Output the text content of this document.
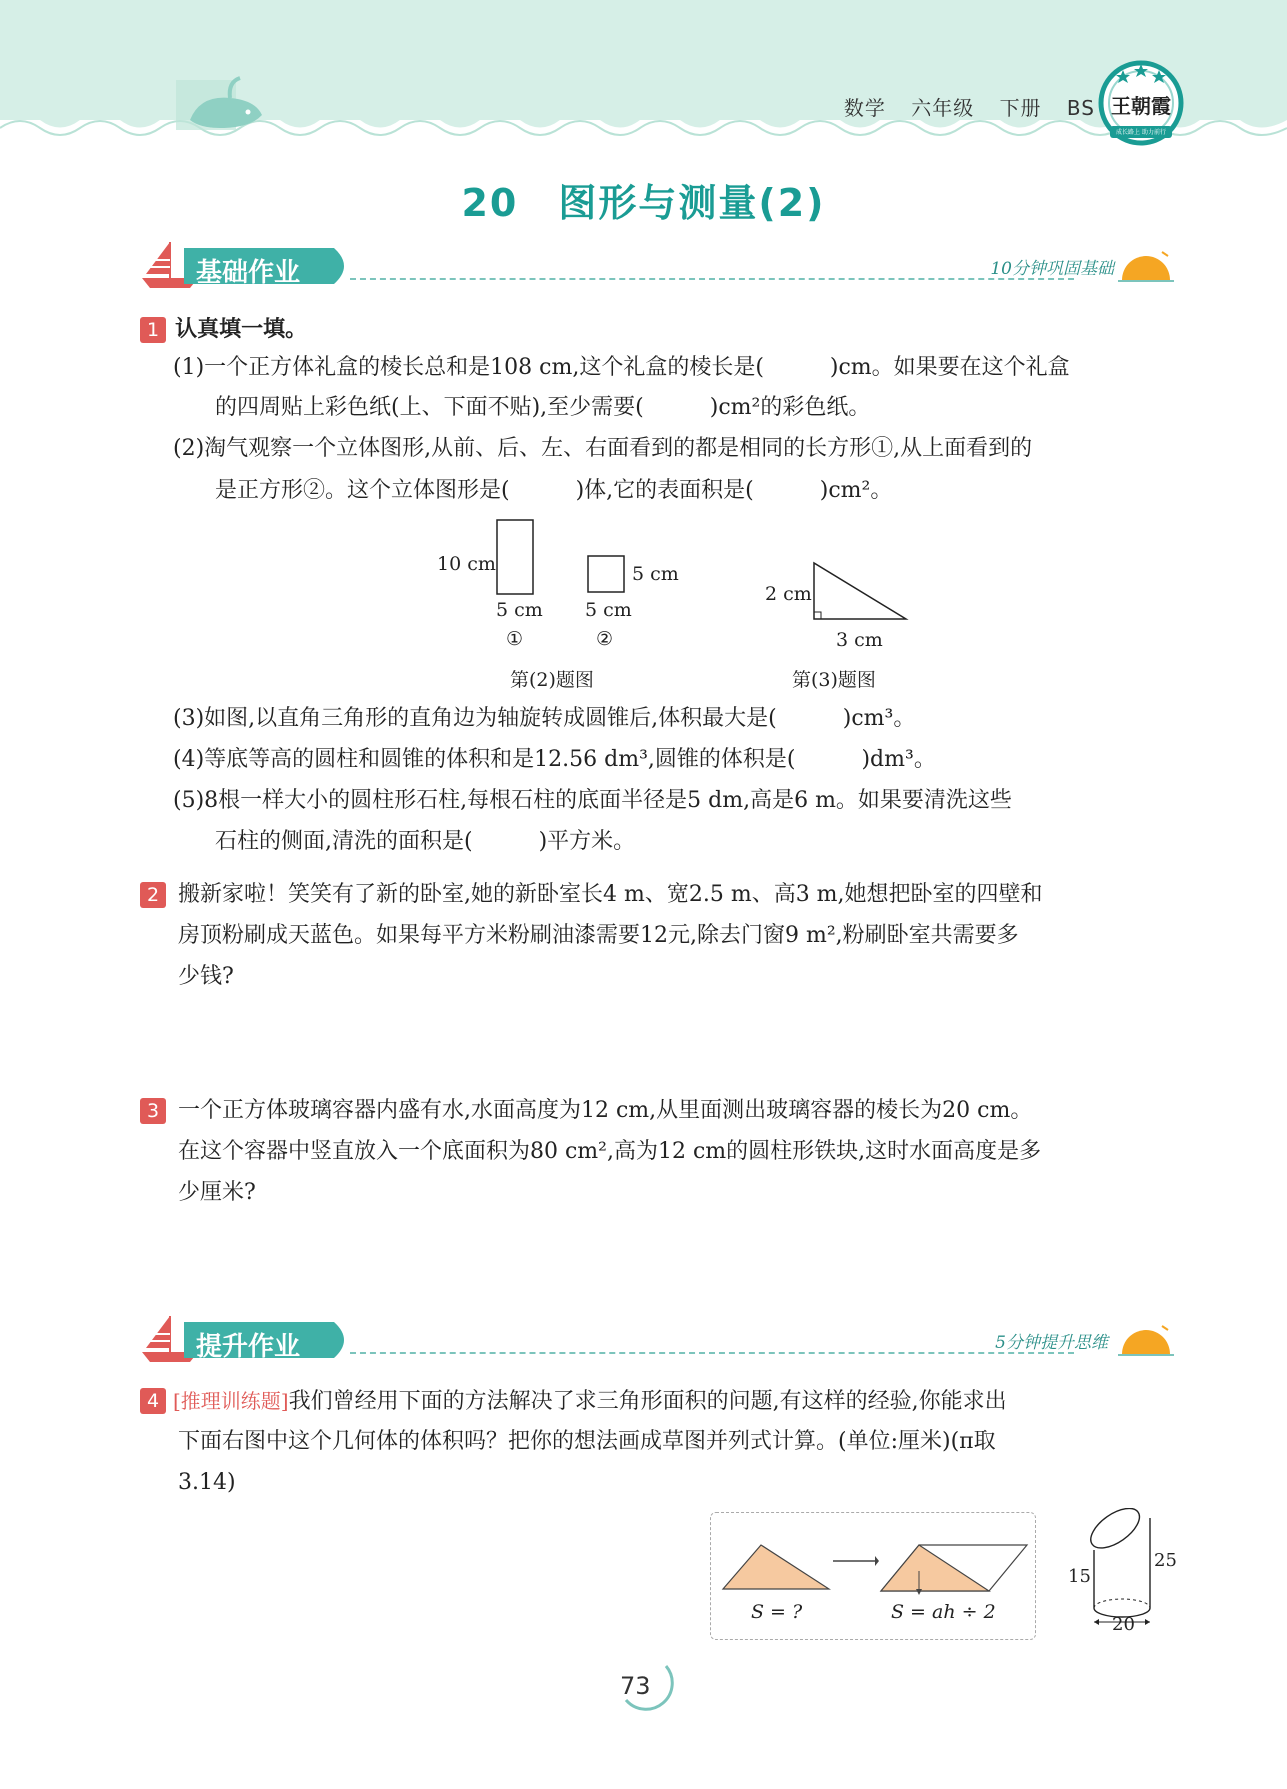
数学 六年级 下册 BS 王朝霞
成长路上 助力前行
20　图形与测量(2)
基础作业	10分钟巩固基础
1 认真填一填。
(1)一个正方体礼盒的棱长总和是108 cm,这个礼盒的棱长是(　　　)cm。如果要在这个礼盒
的四周贴上彩色纸(上、下面不贴),至少需要(　　　)cm²的彩色纸。
(2)淘气观察一个立体图形,从前、后、左、右面看到的都是相同的长方形①,从上面看到的
是正方形②。这个立体图形是(　　　)体,它的表面积是(　　　)cm²。
10 cm
5 cm
①
5 cm
5 cm
②
第(2)题图
2 cm
3 cm
第(3)题图
(3)如图,以直角三角形的直角边为轴旋转成圆锥后,体积最大是(　　　)cm³。
(4)等底等高的圆柱和圆锥的体积和是12.56 dm³,圆锥的体积是(　　　)dm³。
(5)8根一样大小的圆柱形石柱,每根石柱的底面半径是5 dm,高是6 m。如果要清洗这些
石柱的侧面,清洗的面积是(　　　)平方米。
2 搬新家啦！笑笑有了新的卧室,她的新卧室长4 m、宽2.5 m、高3 m,她想把卧室的四壁和
房顶粉刷成天蓝色。如果每平方米粉刷油漆需要12元,除去门窗9 m²,粉刷卧室共需要多
少钱?
3 一个正方体玻璃容器内盛有水,水面高度为12 cm,从里面测出玻璃容器的棱长为20 cm。
在这个容器中竖直放入一个底面积为80 cm²,高为12 cm的圆柱形铁块,这时水面高度是多
少厘米?
提升作业	5分钟提升思维
4 [推理训练题]我们曾经用下面的方法解决了求三角形面积的问题,有这样的经验,你能求出
下面右图中这个几何体的体积吗？把你的想法画成草图并列式计算。(单位:厘米)(π取
3.14)
S = ?	S = ah ÷ 2
15
25
20
73
